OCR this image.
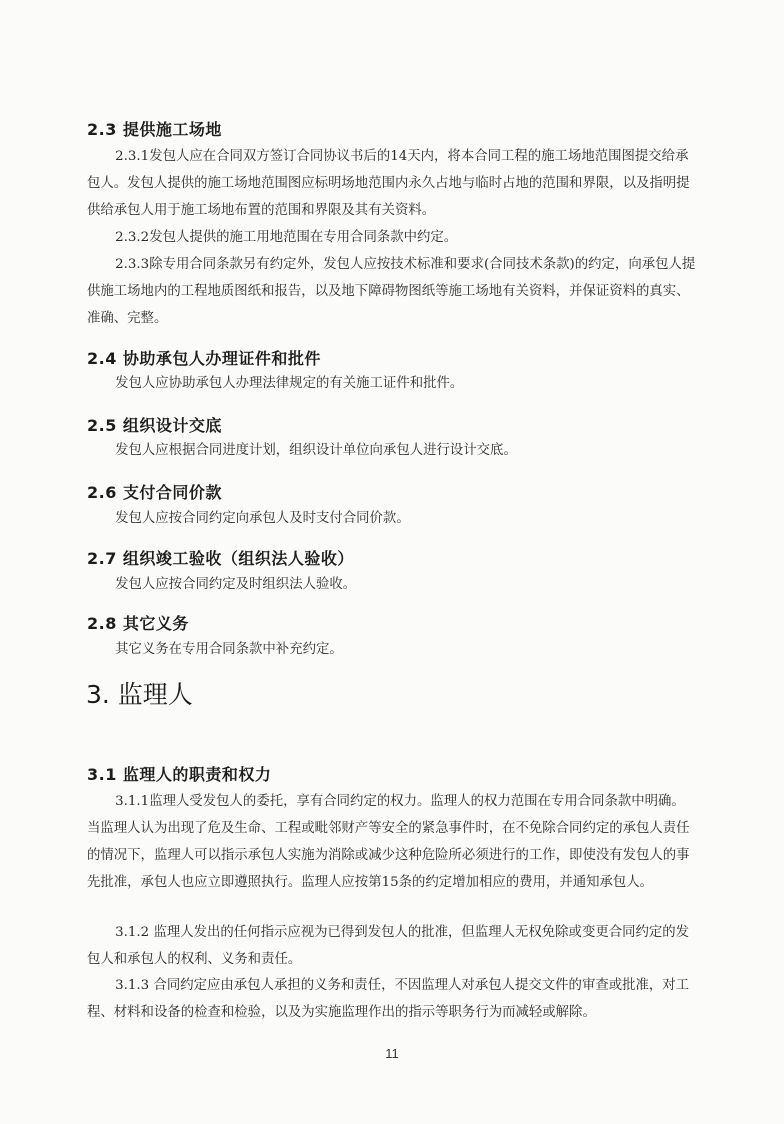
2.3 提供施工场地

2.3.1发包人应在合同双方签订合同协议书后的14天内，将本合同工程的施工场地范围图提交给承包人。发包人提供的施工场地范围图应标明场地范围内永久占地与临时占地的范围和界限，以及指明提供给承包人用于施工场地布置的范围和界限及其有关资料。

2.3.2发包人提供的施工用地范围在专用合同条款中约定。

2.3.3除专用合同条款另有约定外，发包人应按技术标准和要求(合同技术条款)的约定，向承包人提供施工场地内的工程地质图纸和报告，以及地下障碍物图纸等施工场地有关资料，并保证资料的真实、准确、完整。

2.4 协助承包人办理证件和批件

发包人应协助承包人办理法律规定的有关施工证件和批件。

2.5 组织设计交底

发包人应根据合同进度计划，组织设计单位向承包人进行设计交底。

2.6 支付合同价款

发包人应按合同约定向承包人及时支付合同价款。

2.7 组织竣工验收（组织法人验收）

发包人应按合同约定及时组织法人验收。

2.8 其它义务

其它义务在专用合同条款中补充约定。

3. 监理人
3.1 监理人的职责和权力

3.1.1监理人受发包人的委托，享有合同约定的权力。监理人的权力范围在专用合同条款中明确。当监理人认为出现了危及生命、工程或毗邻财产等安全的紧急事件时，在不免除合同约定的承包人责任的情况下，监理人可以指示承包人实施为消除或减少这种危险所必须进行的工作，即使没有发包人的事先批准，承包人也应立即遵照执行。监理人应按第15条的约定增加相应的费用，并通知承包人。

3.1.2 监理人发出的任何指示应视为已得到发包人的批准，但监理人无权免除或变更合同约定的发包人和承包人的权利、义务和责任。

3.1.3 合同约定应由承包人承担的义务和责任，不因监理人对承包人提交文件的审查或批准，对工程、材料和设备的检查和检验，以及为实施监理作出的指示等职务行为而减轻或解除。

11
